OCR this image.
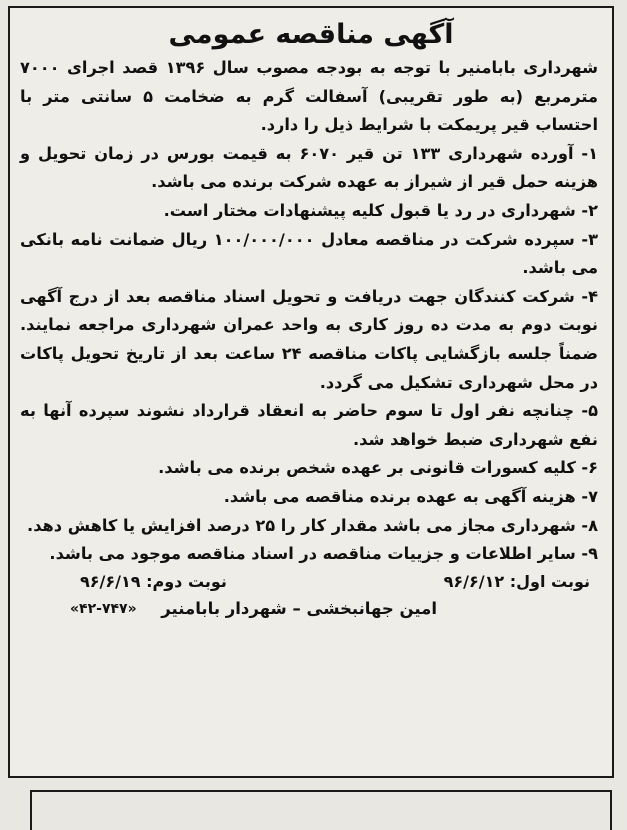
آگهی مناقصه عمومی

شهرداری بابامنیر با توجه به بودجه مصوب سال ۱۳۹۶ قصد اجرای ۷۰۰۰ مترمربع (به طور تقریبی) آسفالت گرم به ضخامت ۵ سانتی متر با احتساب قیر پریمکت با شرایط ذیل را دارد.

۱- آورده شهرداری ۱۳۳ تن قیر ۶۰۷۰ به قیمت بورس در زمان تحویل و هزینه حمل قیر از شیراز به عهده شرکت برنده می باشد.

۲- شهرداری در رد یا قبول کلیه پیشنهادات مختار است.

۳- سپرده شرکت در مناقصه معادل ۱۰۰/۰۰۰/۰۰۰ ریال ضمانت نامه بانکی می باشد.

۴- شرکت کنندگان جهت دریافت و تحویل اسناد مناقصه بعد از درج آگهی نوبت دوم به مدت ده روز کاری به واحد عمران شهرداری مراجعه نمایند. ضمناً جلسه بازگشایی پاکات مناقصه ۲۴ ساعت بعد از تاریخ تحویل پاکات در محل شهرداری تشکیل می گردد.

۵- چنانچه نفر اول تا سوم حاضر به انعقاد قرارداد نشوند سپرده آنها به نفع شهرداری ضبط خواهد شد.

۶- کلیه کسورات قانونی بر عهده شخص برنده می باشد.

۷- هزینه آگهی به عهده برنده مناقصه می باشد.

۸- شهرداری مجاز می باشد مقدار کار را ۲۵ درصد افزایش یا کاهش دهد.

۹- سایر اطلاعات و جزییات مناقصه در اسناد مناقصه موجود می باشد.

نوبت اول: ۹۶/۶/۱۲
نوبت دوم: ۹۶/۶/۱۹
امین جهانبخشی – شهردار بابامنیر
«۴۲-۷۴۷»
